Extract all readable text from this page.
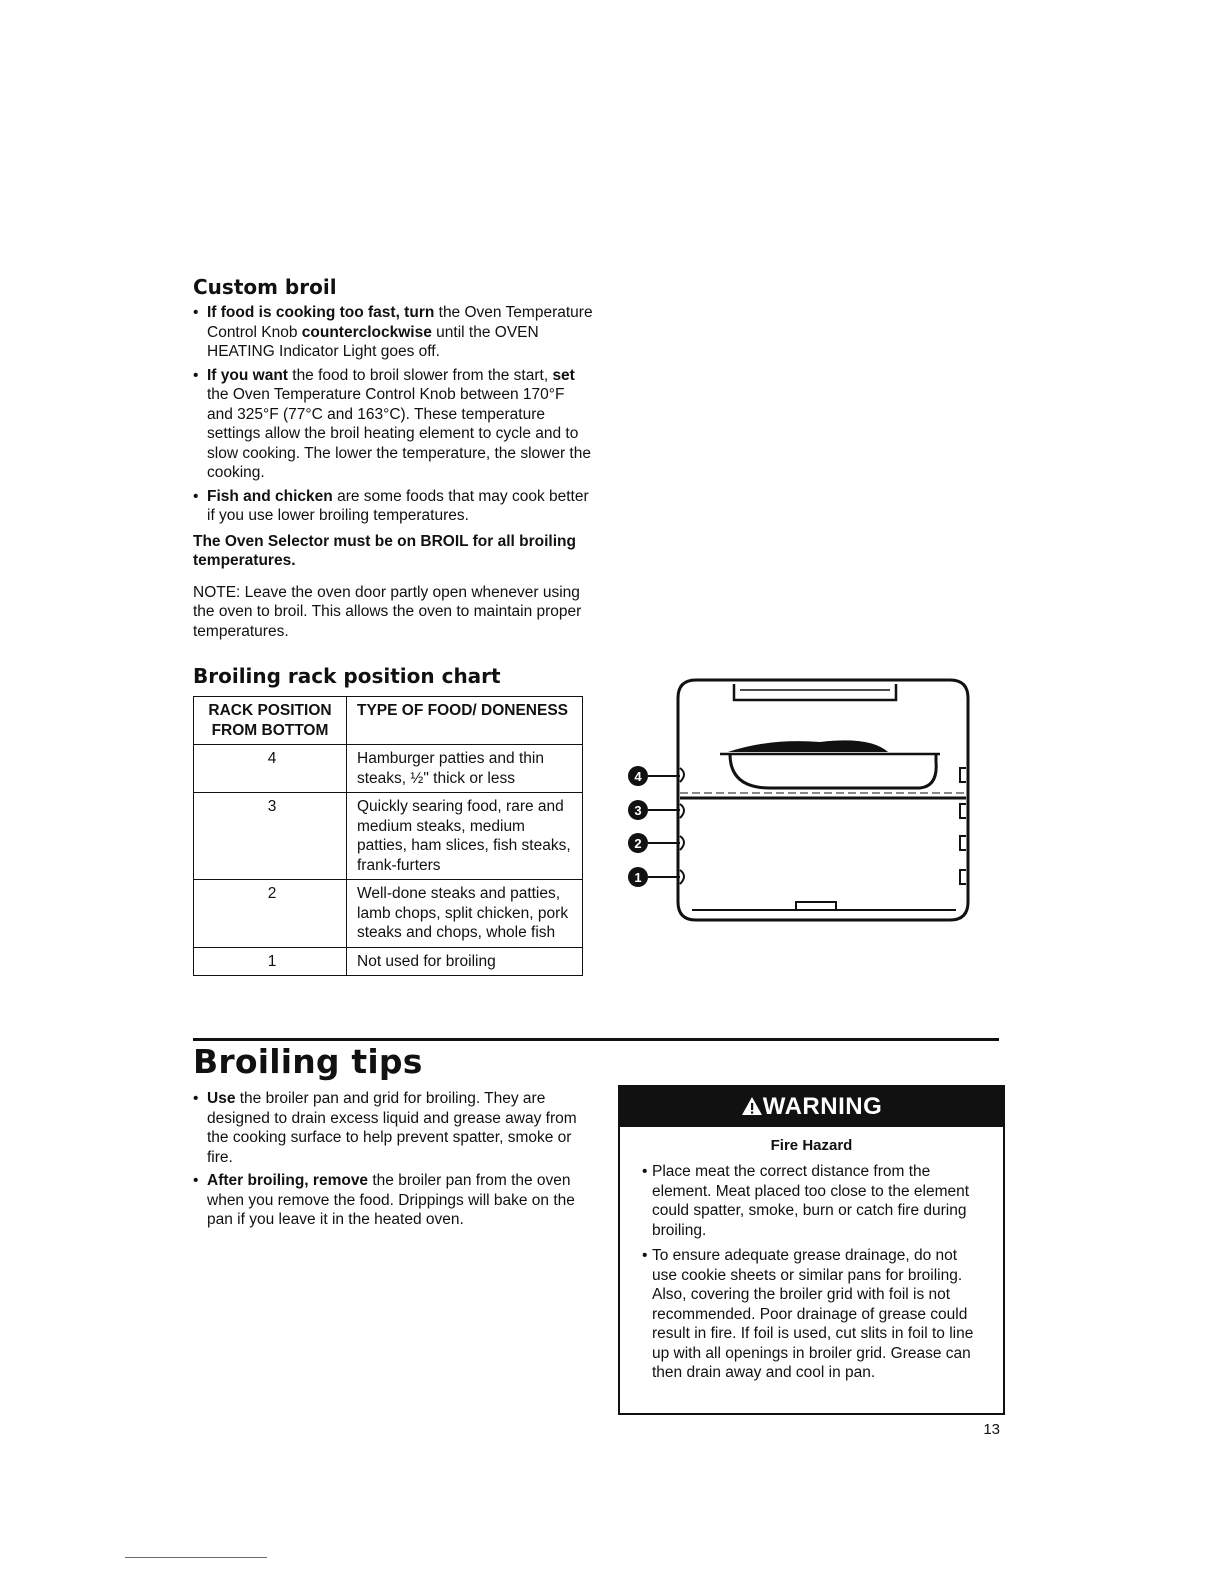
Custom broil
• If food is cooking too fast, turn the Oven Temperature Control Knob counterclockwise until the OVEN HEATING Indicator Light goes off.
• If you want the food to broil slower from the start, set the Oven Temperature Control Knob between 170°F and 325°F (77°C and 163°C). These temperature settings allow the broil heating element to cycle and to slow cooking. The lower the temperature, the slower the cooking.
• Fish and chicken are some foods that may cook better if you use lower broiling temperatures.

The Oven Selector must be on BROIL for all broiling temperatures.

NOTE: Leave the oven door partly open whenever using the oven to broil. This allows the oven to maintain proper temperatures.

Broiling rack position chart
RACK POSITION FROM BOTTOM	TYPE OF FOOD/ DONENESS
4	Hamburger patties and thin steaks, ½" thick or less
3	Quickly searing food, rare and medium steaks, medium patties, ham slices, fish steaks, frank-furters
2	Well-done steaks and patties, lamb chops, split chicken, pork steaks and chops, whole fish
1	Not used for broiling
4
3
2
1
Broiling tips
• Use the broiler pan and grid for broiling. They are designed to drain excess liquid and grease away from the cooking surface to help prevent spatter, smoke or fire.
• After broiling, remove the broiler pan from the oven when you remove the food. Drippings will bake on the pan if you leave it in the heated oven.
WARNING
Fire Hazard
• Place meat the correct distance from the element. Meat placed too close to the element could spatter, smoke, burn or catch fire during broiling.
• To ensure adequate grease drainage, do not use cookie sheets or similar pans for broiling. Also, covering the broiler grid with foil is not recommended. Poor drainage of grease could result in fire. If foil is used, cut slits in foil to line up with all openings in broiler grid. Grease can then drain away and cool in pan.
13
